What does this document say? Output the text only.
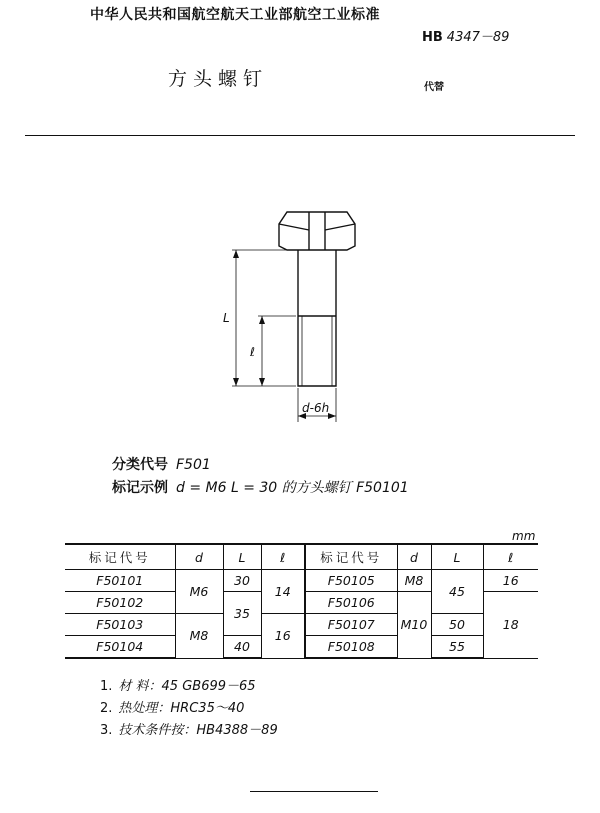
中华人民共和国航空航天工业部航空工业标准
HB 4347－89
方头螺钉	代替
L
ℓ
d-6h
分类代号 F501
标记示例 d = M6 L = 30 的方头螺钉 F50101
mm
标记代号	d	L	ℓ	标记代号	d	L	ℓ
F50101	M6	30	14	F50105	M8	45	16
F50102		35		F50106	M10		18
F50103	M8		16	F50107		50	
F50104		40		F50108		55	
1. 材 料：45 GB699－65
2. 热处理：HRC35～40
3. 技术条件按：HB4388－89
